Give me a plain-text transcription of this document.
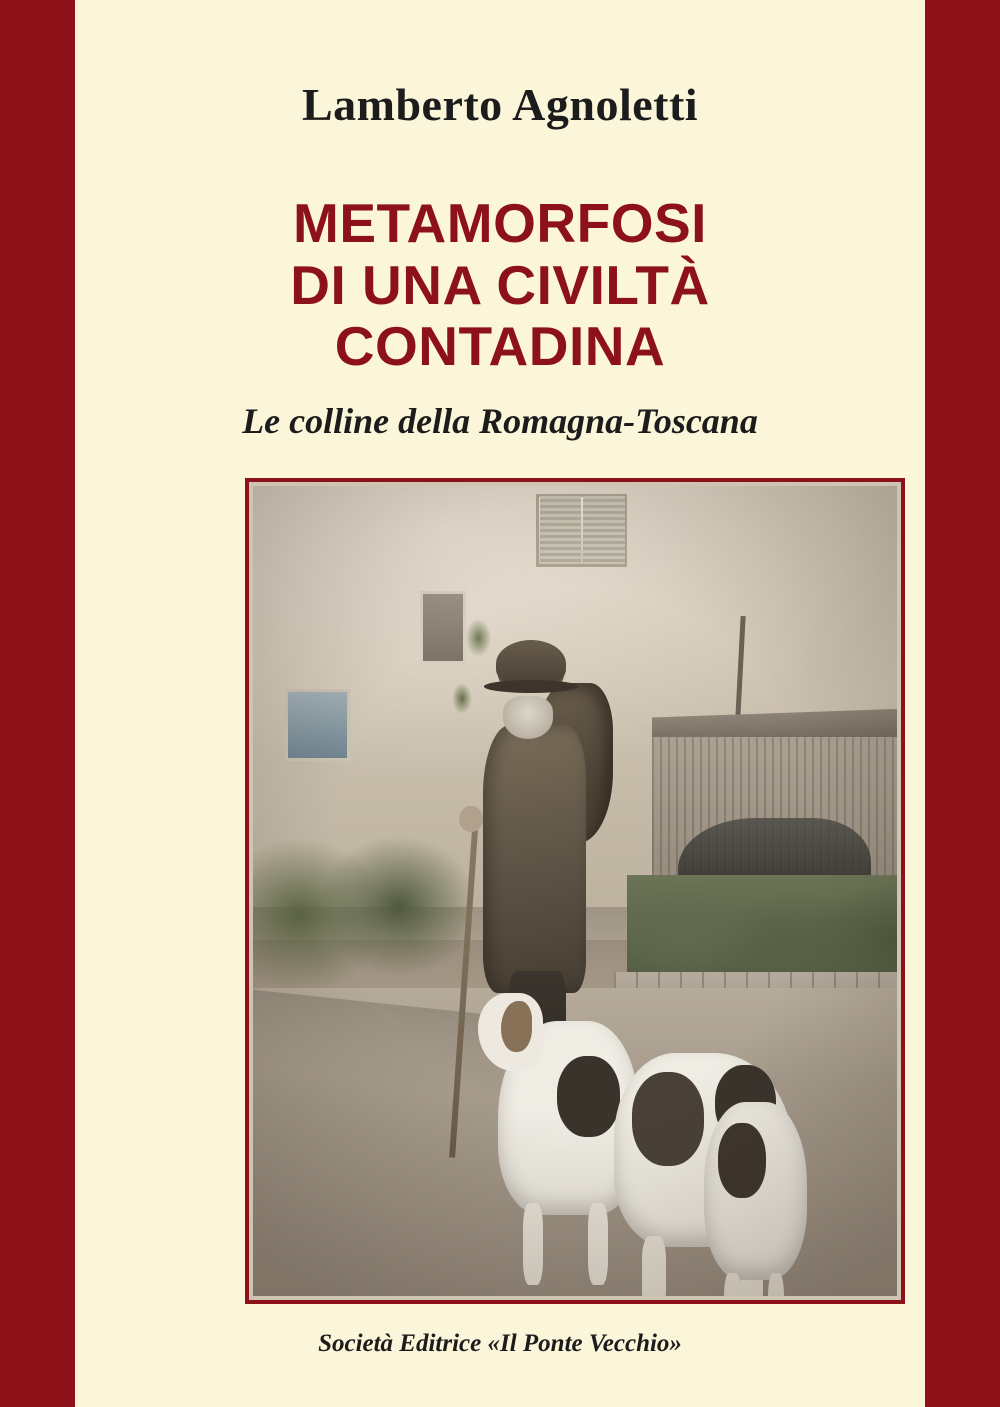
Lamberto Agnoletti
METAMORFOSI
DI UNA CIVILTÀ
CONTADINA
Le colline della Romagna-Toscana
Società Editrice «Il Ponte Vecchio»
